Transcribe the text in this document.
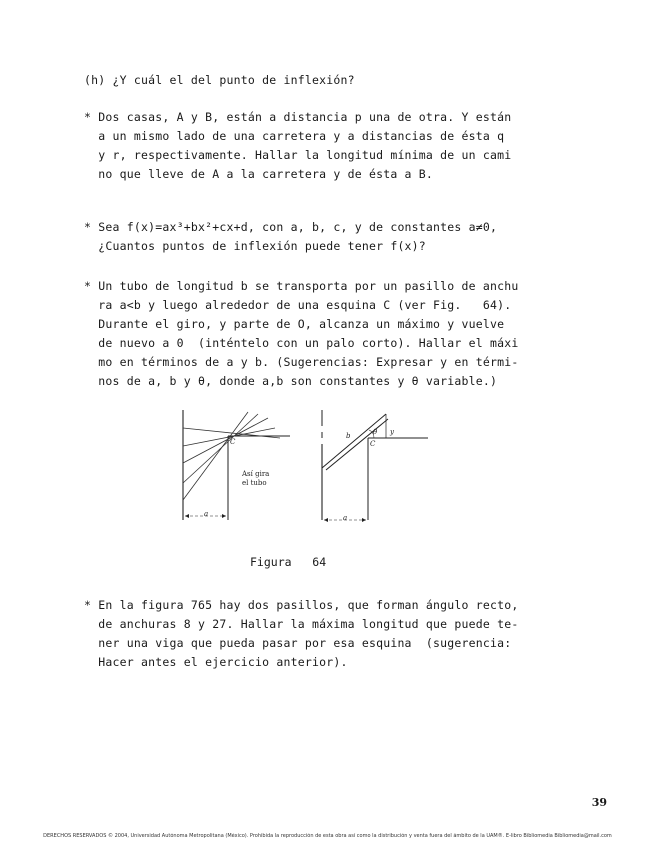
(h) ¿Y cuál el del punto de inflexión?
* Dos casas, A y B, están a distancia p una de otra. Y están
a un mismo lado de una carretera y a distancias de ésta q
y r, respectivamente. Hallar la longitud mínima de un cami
no que lleve de A a la carretera y de ésta a B.
* Sea f(x)=ax³+bx²+cx+d, con a, b, c, y de constantes a≠0,
¿Cuantos puntos de inflexión puede tener f(x)?
* Un tubo de longitud b se transporta por un pasillo de anchu
ra a<b y luego alrededor de una esquina C (ver Fig.   64).
Durante el giro, y parte de O, alcanza un máximo y vuelve
de nuevo a 0  (inténtelo con un palo corto). Hallar el máxi
mo en términos de a y b. (Sugerencias: Expresar y en térmi-
nos de a, b y θ, donde a,b son constantes y θ variable.)
C
Así gira
el tubo
a	a
b	y
θ
C
Figura   64
* En la figura 765 hay dos pasillos, que forman ángulo recto,
de anchuras 8 y 27. Hallar la máxima longitud que puede te-
ner una viga que pueda pasar por esa esquina  (sugerencia:
Hacer antes el ejercicio anterior).
39
DERECHOS RESERVADOS © 2004, Universidad Autónoma Metropolitana (México). Prohibida la reproducción de esta obra así como la distribución y venta fuera del ámbito de la UAM®. E-libro Bibliomedia Bibliomedia@mail.com
